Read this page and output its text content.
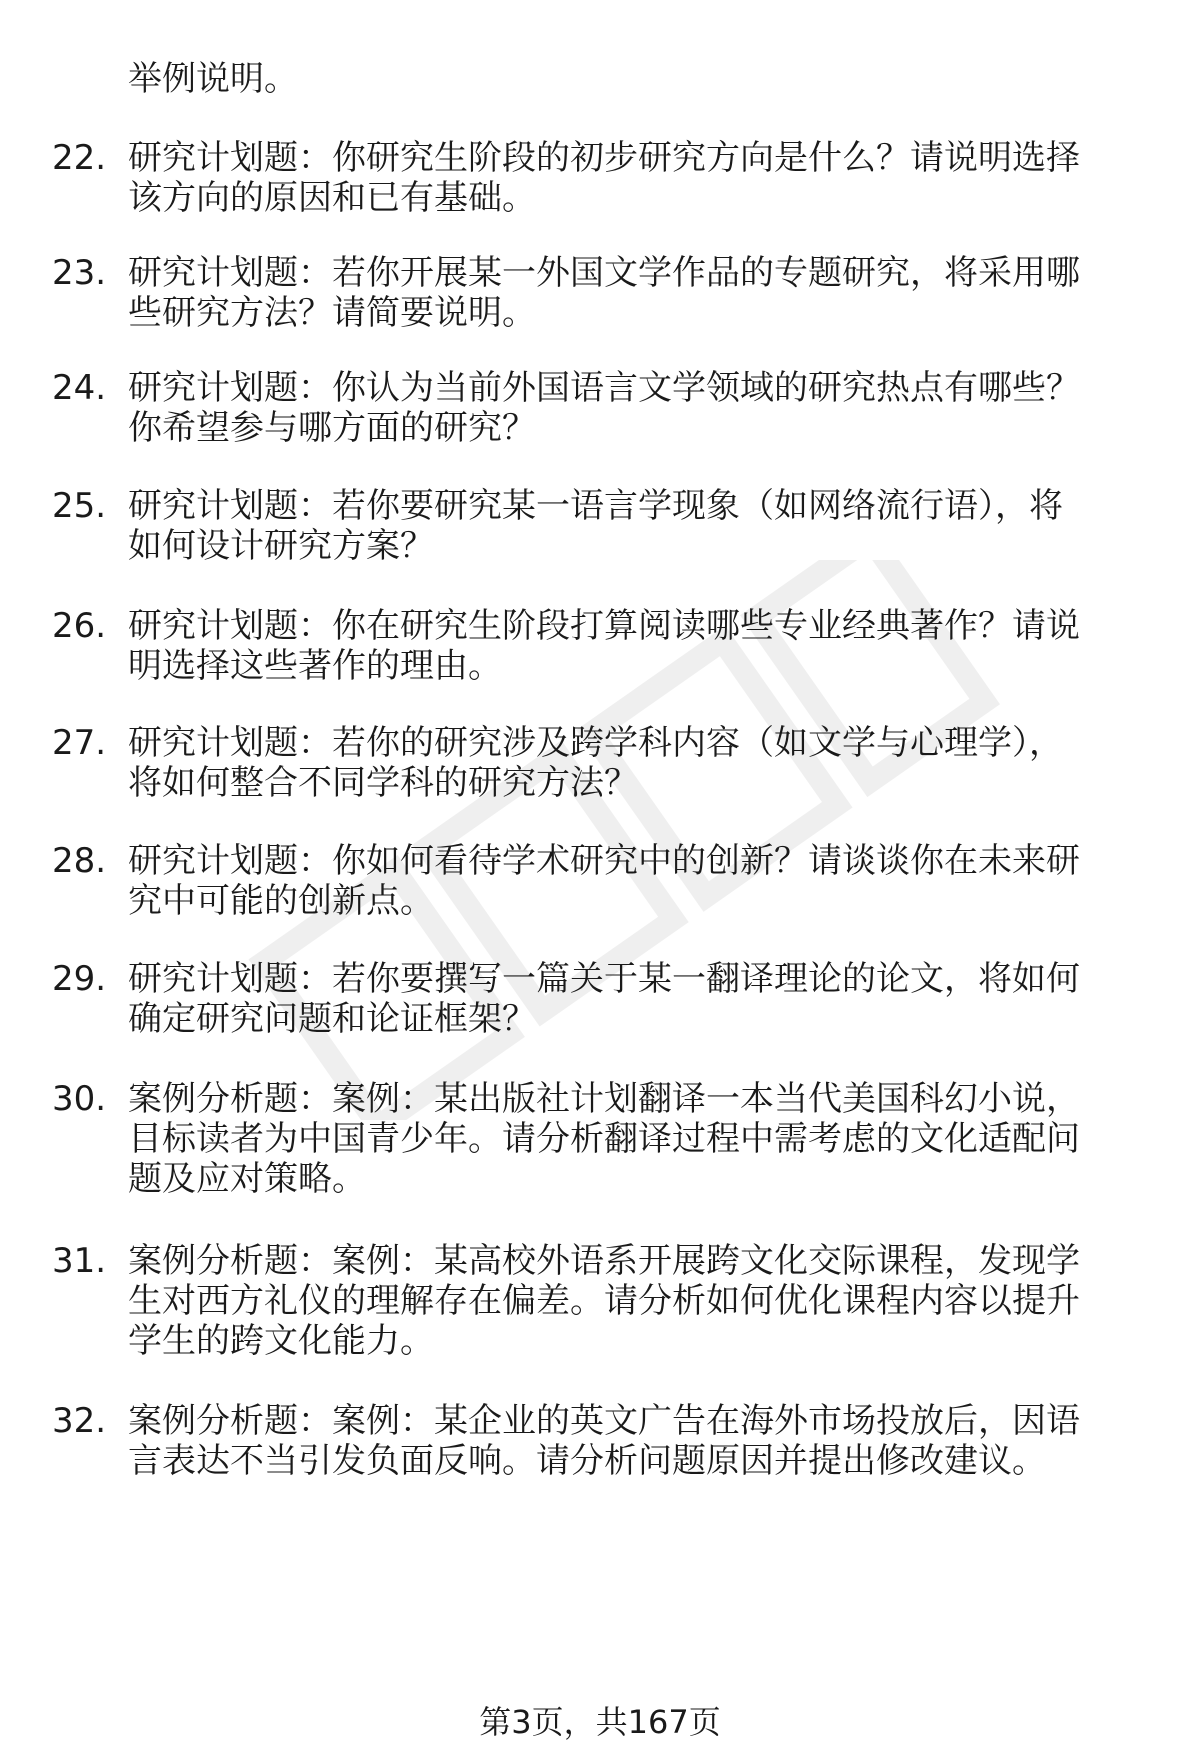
举例说明。
22. 研究计划题：你研究生阶段的初步研究方向是什么？请说明选择
该方向的原因和已有基础。
23. 研究计划题：若你开展某一外国文学作品的专题研究，将采用哪
些研究方法？请简要说明。
24. 研究计划题：你认为当前外国语言文学领域的研究热点有哪些？
你希望参与哪方面的研究？
25. 研究计划题：若你要研究某一语言学现象（如网络流行语），将
如何设计研究方案？
26. 研究计划题：你在研究生阶段打算阅读哪些专业经典著作？请说
明选择这些著作的理由。
27. 研究计划题：若你的研究涉及跨学科内容（如文学与心理学），
将如何整合不同学科的研究方法？
28. 研究计划题：你如何看待学术研究中的创新？请谈谈你在未来研
究中可能的创新点。
29. 研究计划题：若你要撰写一篇关于某一翻译理论的论文，将如何
确定研究问题和论证框架？
30. 案例分析题：案例：某出版社计划翻译一本当代美国科幻小说，
目标读者为中国青少年。请分析翻译过程中需考虑的文化适配问
题及应对策略。
31. 案例分析题：案例：某高校外语系开展跨文化交际课程，发现学
生对西方礼仪的理解存在偏差。请分析如何优化课程内容以提升
学生的跨文化能力。
32. 案例分析题：案例：某企业的英文广告在海外市场投放后，因语
言表达不当引发负面反响。请分析问题原因并提出修改建议。
第3页，共167页
